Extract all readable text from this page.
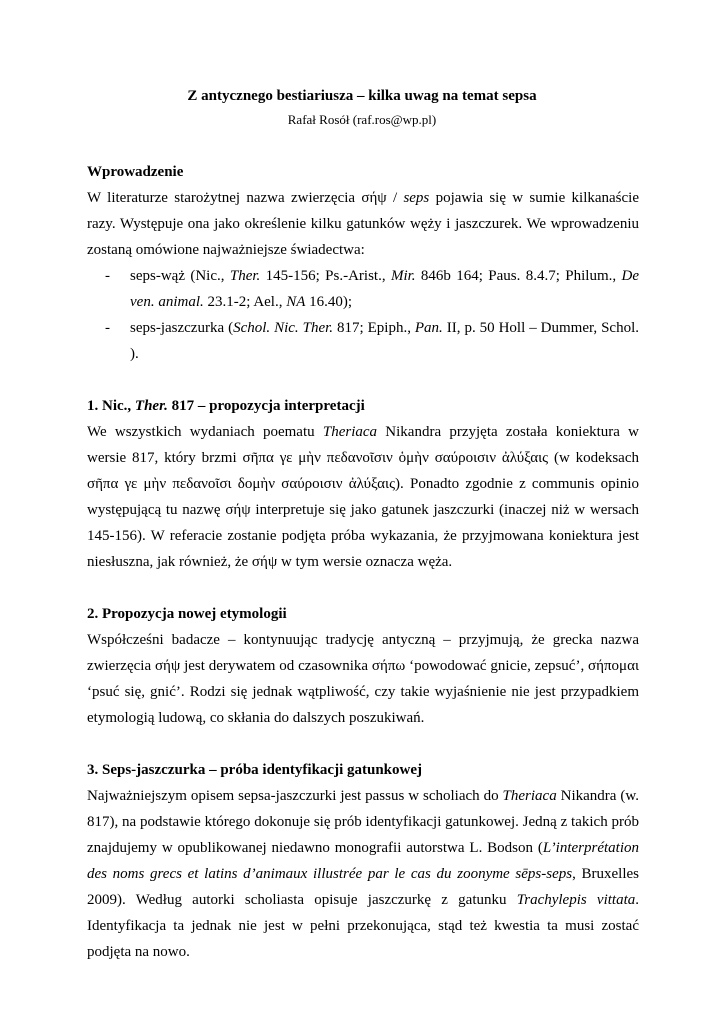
Z antycznego bestiariusza – kilka uwag na temat sepsa
Rafał Rosół (raf.ros@wp.pl)
Wprowadzenie

W literaturze starożytnej nazwa zwierzęcia σήψ / seps pojawia się w sumie kilkanaście razy. Występuje ona jako określenie kilku gatunków węży i jaszczurek. We wprowadzeniu zostaną omówione najważniejsze świadectwa:

- seps-wąż (Nic., Ther. 145-156; Ps.-Arist., Mir. 846b 164; Paus. 8.4.7; Philum., De ven. animal. 23.1-2; Ael., NA 16.40);
- seps-jaszczurka (Schol. Nic. Ther. 817; Epiph., Pan. II, p. 50 Holl – Dummer, Schol. ).
1. Nic., Ther. 817 – propozycja interpretacji

We wszystkich wydaniach poematu Theriaca Nikandra przyjęta została koniektura w wersie 817, który brzmi σῆπα γε μὴν πεδανοῖσιν ὁμὴν σαύροισιν ἀλύξαις (w kodeksach σῆπα γε μὴν πεδανοῖσι δομὴν σαύροισιν ἀλύξαις). Ponadto zgodnie z communis opinio występującą tu nazwę σήψ interpretuje się jako gatunek jaszczurki (inaczej niż w wersach 145-156). W referacie zostanie podjęta próba wykazania, że przyjmowana koniektura jest niesłuszna, jak również, że σήψ w tym wersie oznacza węża.

2. Propozycja nowej etymologii

Współcześni badacze – kontynuując tradycję antyczną – przyjmują, że grecka nazwa zwierzęcia σήψ jest derywatem od czasownika σήπω ‘powodować gnicie, zepsuć’, σήπομαι ‘psuć się, gnić’. Rodzi się jednak wątpliwość, czy takie wyjaśnienie nie jest przypadkiem etymologią ludową, co skłania do dalszych poszukiwań.

3. Seps-jaszczurka – próba identyfikacji gatunkowej

Najważniejszym opisem sepsa-jaszczurki jest passus w scholiach do Theriaca Nikandra (w. 817), na podstawie którego dokonuje się prób identyfikacji gatunkowej. Jedną z takich prób znajdujemy w opublikowanej niedawno monografii autorstwa L. Bodson (L’interprétation des noms grecs et latins d’animaux illustrée par le cas du zoonyme sēps-seps, Bruxelles 2009). Według autorki scholiasta opisuje jaszczurkę z gatunku Trachylepis vittata. Identyfikacja ta jednak nie jest w pełni przekonująca, stąd też kwestia ta musi zostać podjęta na nowo.
